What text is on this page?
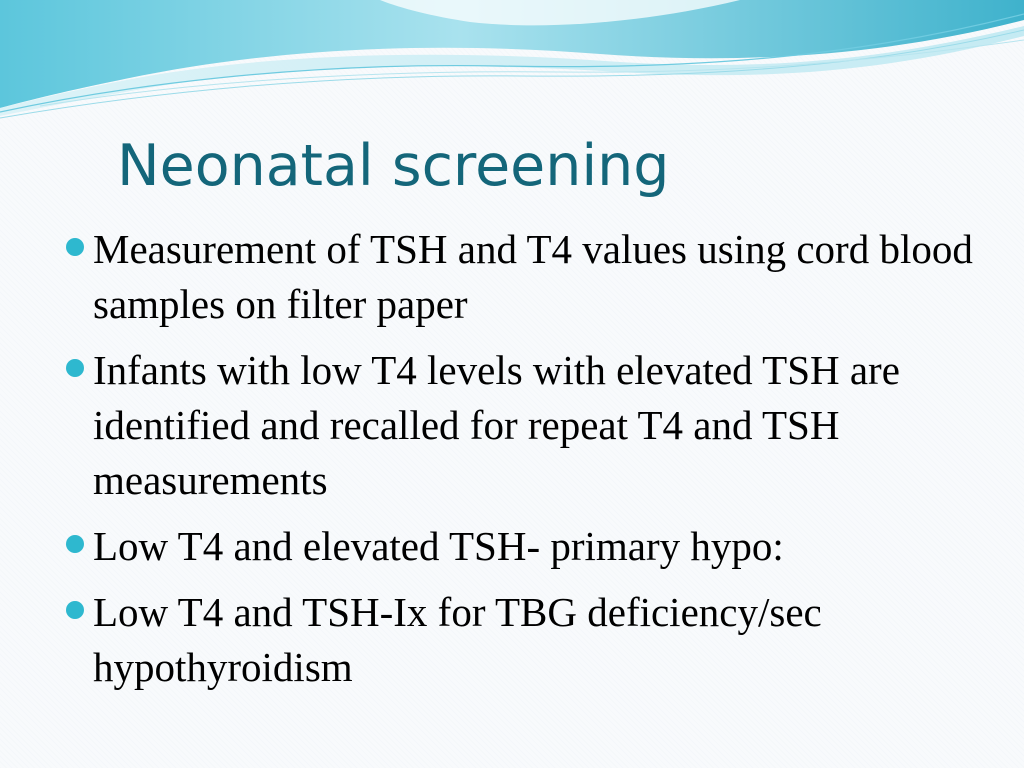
Neonatal screening
Measurement of TSH and T4 values using cord blood samples on filter paper
Infants with low T4 levels with elevated TSH are identified and recalled for repeat T4 and TSH measurements
Low T4 and elevated TSH- primary hypo:
Low T4 and TSH-Ix for TBG deficiency/sec hypothyroidism
